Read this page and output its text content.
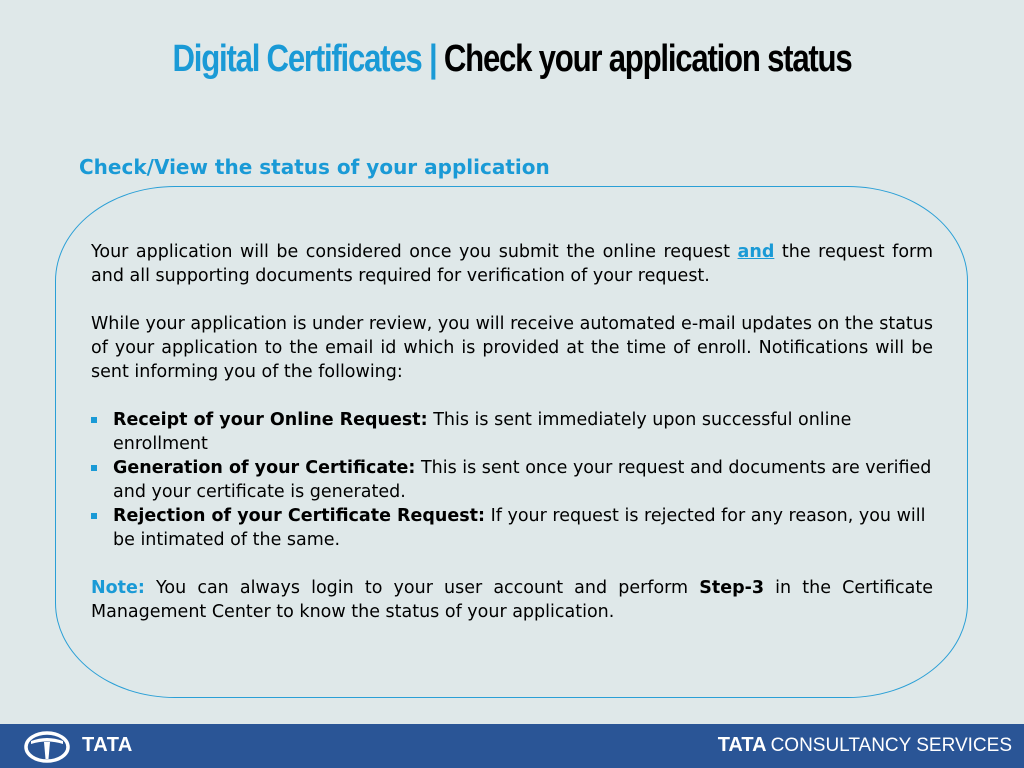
Digital Certificates | Check your application status
Check/View the status of your application

Your application will be considered once you submit the online request and the request form and all supporting documents required for verification of your request.

While your application is under review, you will receive automated e-mail updates on the status of your application to the email id which is provided at the time of enroll. Notifications will be sent informing you of the following:

Receipt of your Online Request: This is sent immediately upon successful online enrollment
Generation of your Certificate: This is sent once your request and documents are verified and your certificate is generated.
Rejection of your Certificate Request: If your request is rejected for any reason, you will be intimated of the same.

Note: You can always login to your user account and perform Step-3 in the Certificate Management Center to know the status of your application.

TATA	TATA CONSULTANCY SERVICES
